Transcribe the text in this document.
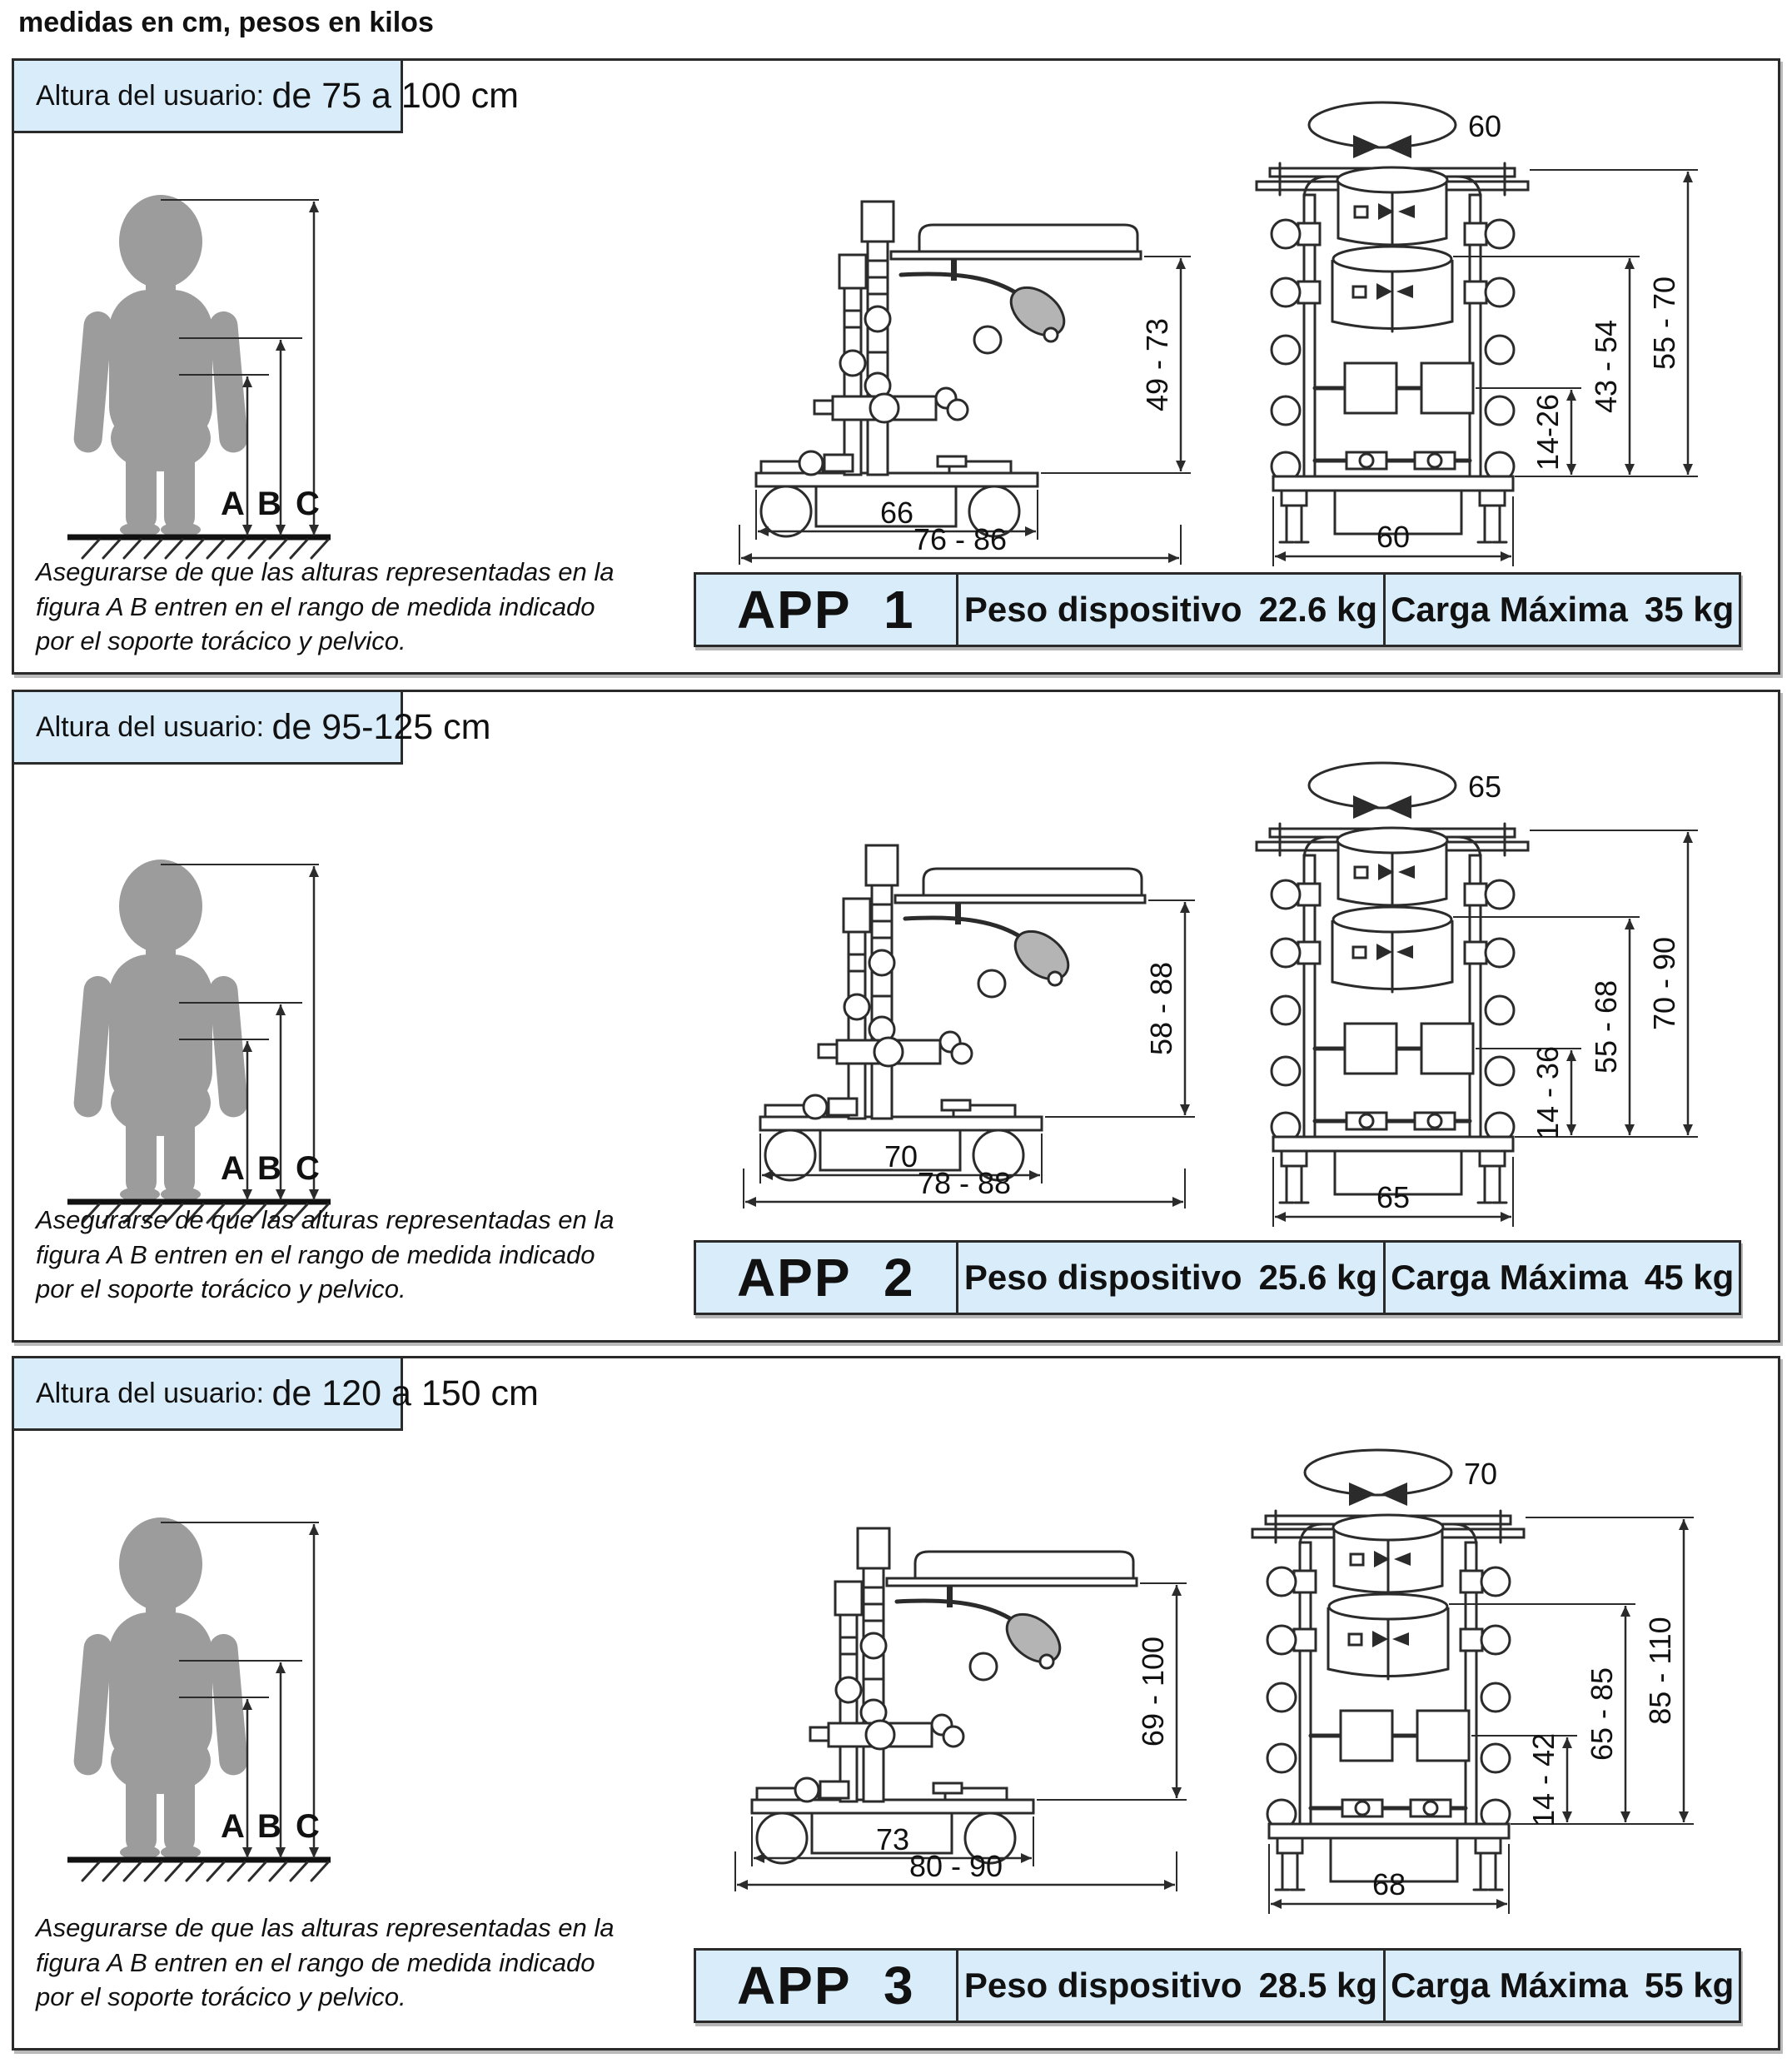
medidas en cm, pesos en kilos
Altura del usuario: de 75 a 100 cm
A B C
49 - 73
66
76 - 86
60
14-26
43 - 54 55 - 70
60
Asegurarse de que las alturas representadas en la figura A B entren en el rango de medida indicado por el soporte torácico y pelvico.
APP  1	Peso dispositivo 22.6 kg Carga Máxima 35 kg
Altura del usuario: de 95-125 cm
A B C
58 - 88
70
78 - 88
65
14 - 36
55 - 68 70 - 90
65
Asegurarse de que las alturas representadas en la figura A B entren en el rango de medida indicado por el soporte torácico y pelvico.	APP  2	Peso dispositivo 25.6 kg Carga Máxima 45 kg
Altura del usuario: de 120 a 150 cm
A B C
69 - 100
73
80 - 90
70
14 - 42
65 - 85 85 - 110
68
Asegurarse de que las alturas representadas en la figura A B entren en el rango de medida indicado por el soporte torácico y pelvico.	APP  3	Peso dispositivo 28.5 kg Carga Máxima 55 kg
